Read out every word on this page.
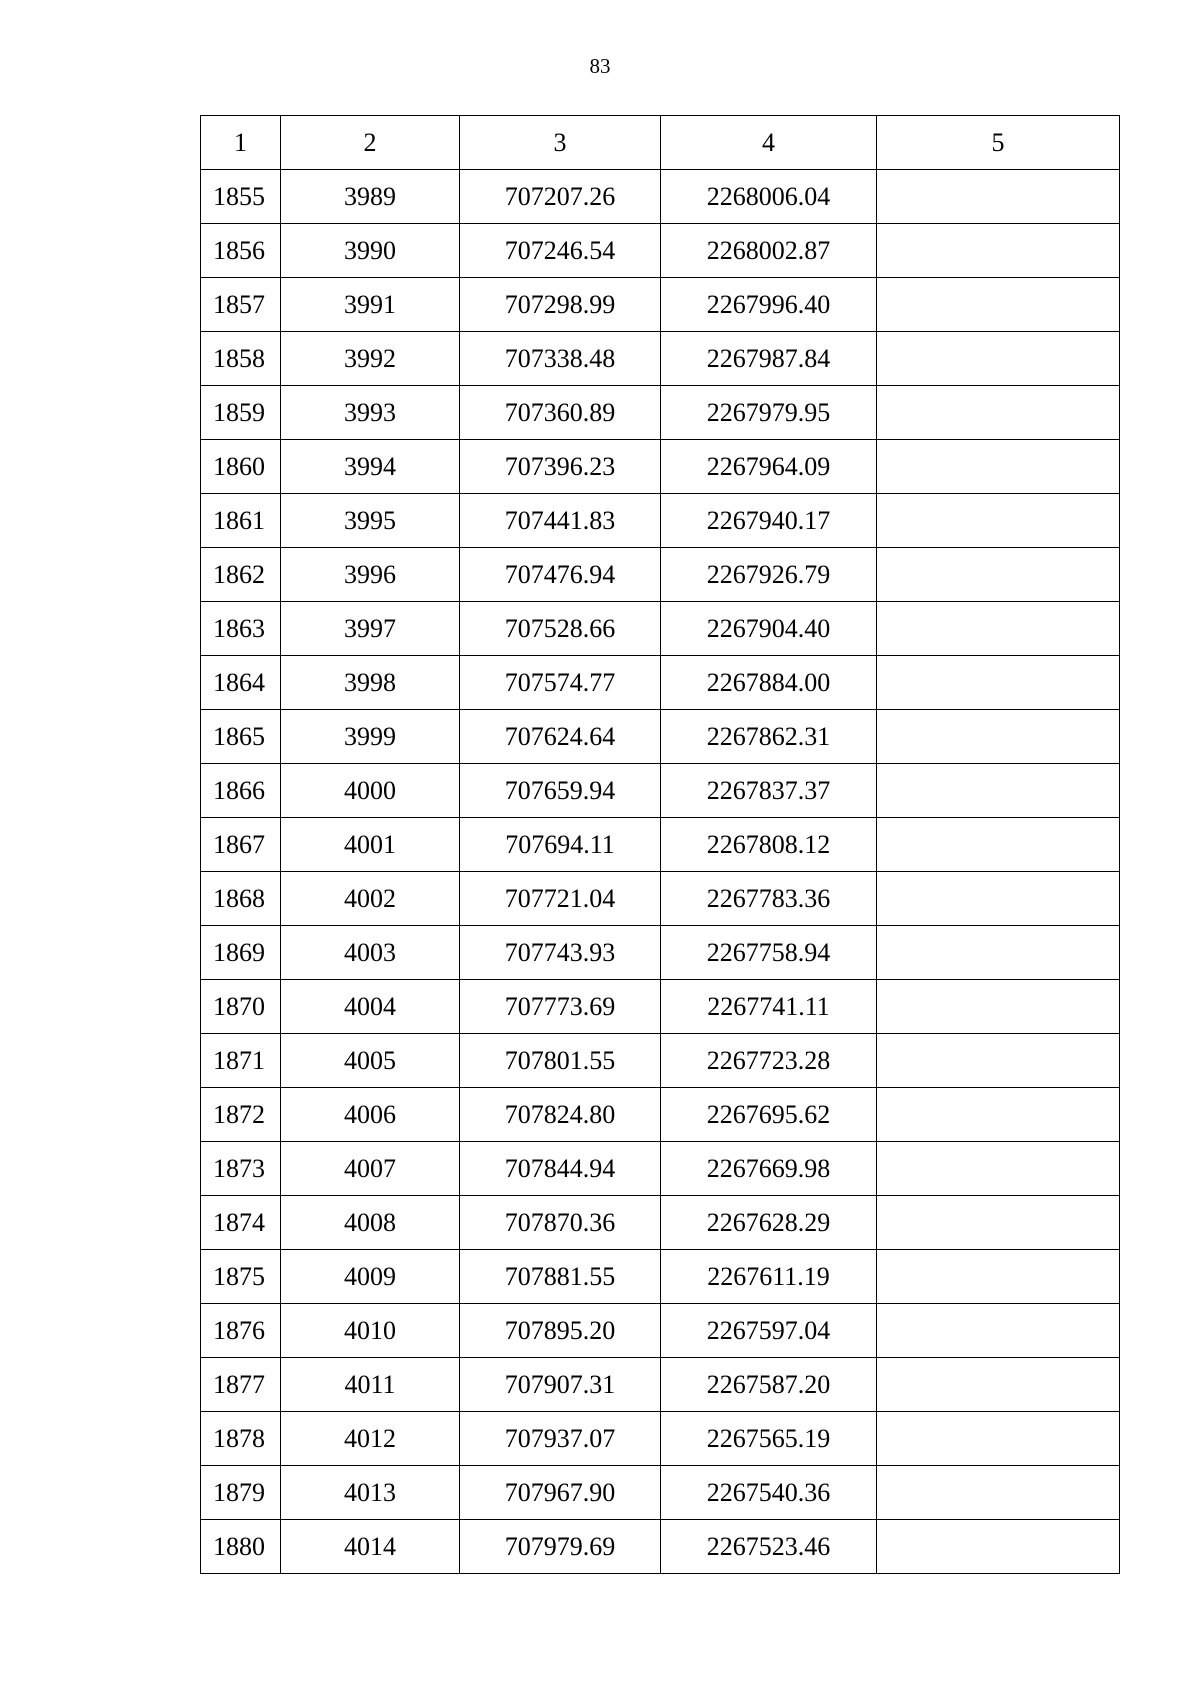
83
1	2	3	4	5
1855	3989	707207.26	2268006.04	
1856	3990	707246.54	2268002.87	
1857	3991	707298.99	2267996.40	
1858	3992	707338.48	2267987.84	
1859	3993	707360.89	2267979.95	
1860	3994	707396.23	2267964.09	
1861	3995	707441.83	2267940.17	
1862	3996	707476.94	2267926.79	
1863	3997	707528.66	2267904.40	
1864	3998	707574.77	2267884.00	
1865	3999	707624.64	2267862.31	
1866	4000	707659.94	2267837.37	
1867	4001	707694.11	2267808.12	
1868	4002	707721.04	2267783.36	
1869	4003	707743.93	2267758.94	
1870	4004	707773.69	2267741.11	
1871	4005	707801.55	2267723.28	
1872	4006	707824.80	2267695.62	
1873	4007	707844.94	2267669.98	
1874	4008	707870.36	2267628.29	
1875	4009	707881.55	2267611.19	
1876	4010	707895.20	2267597.04	
1877	4011	707907.31	2267587.20	
1878	4012	707937.07	2267565.19	
1879	4013	707967.90	2267540.36	
1880	4014	707979.69	2267523.46	
